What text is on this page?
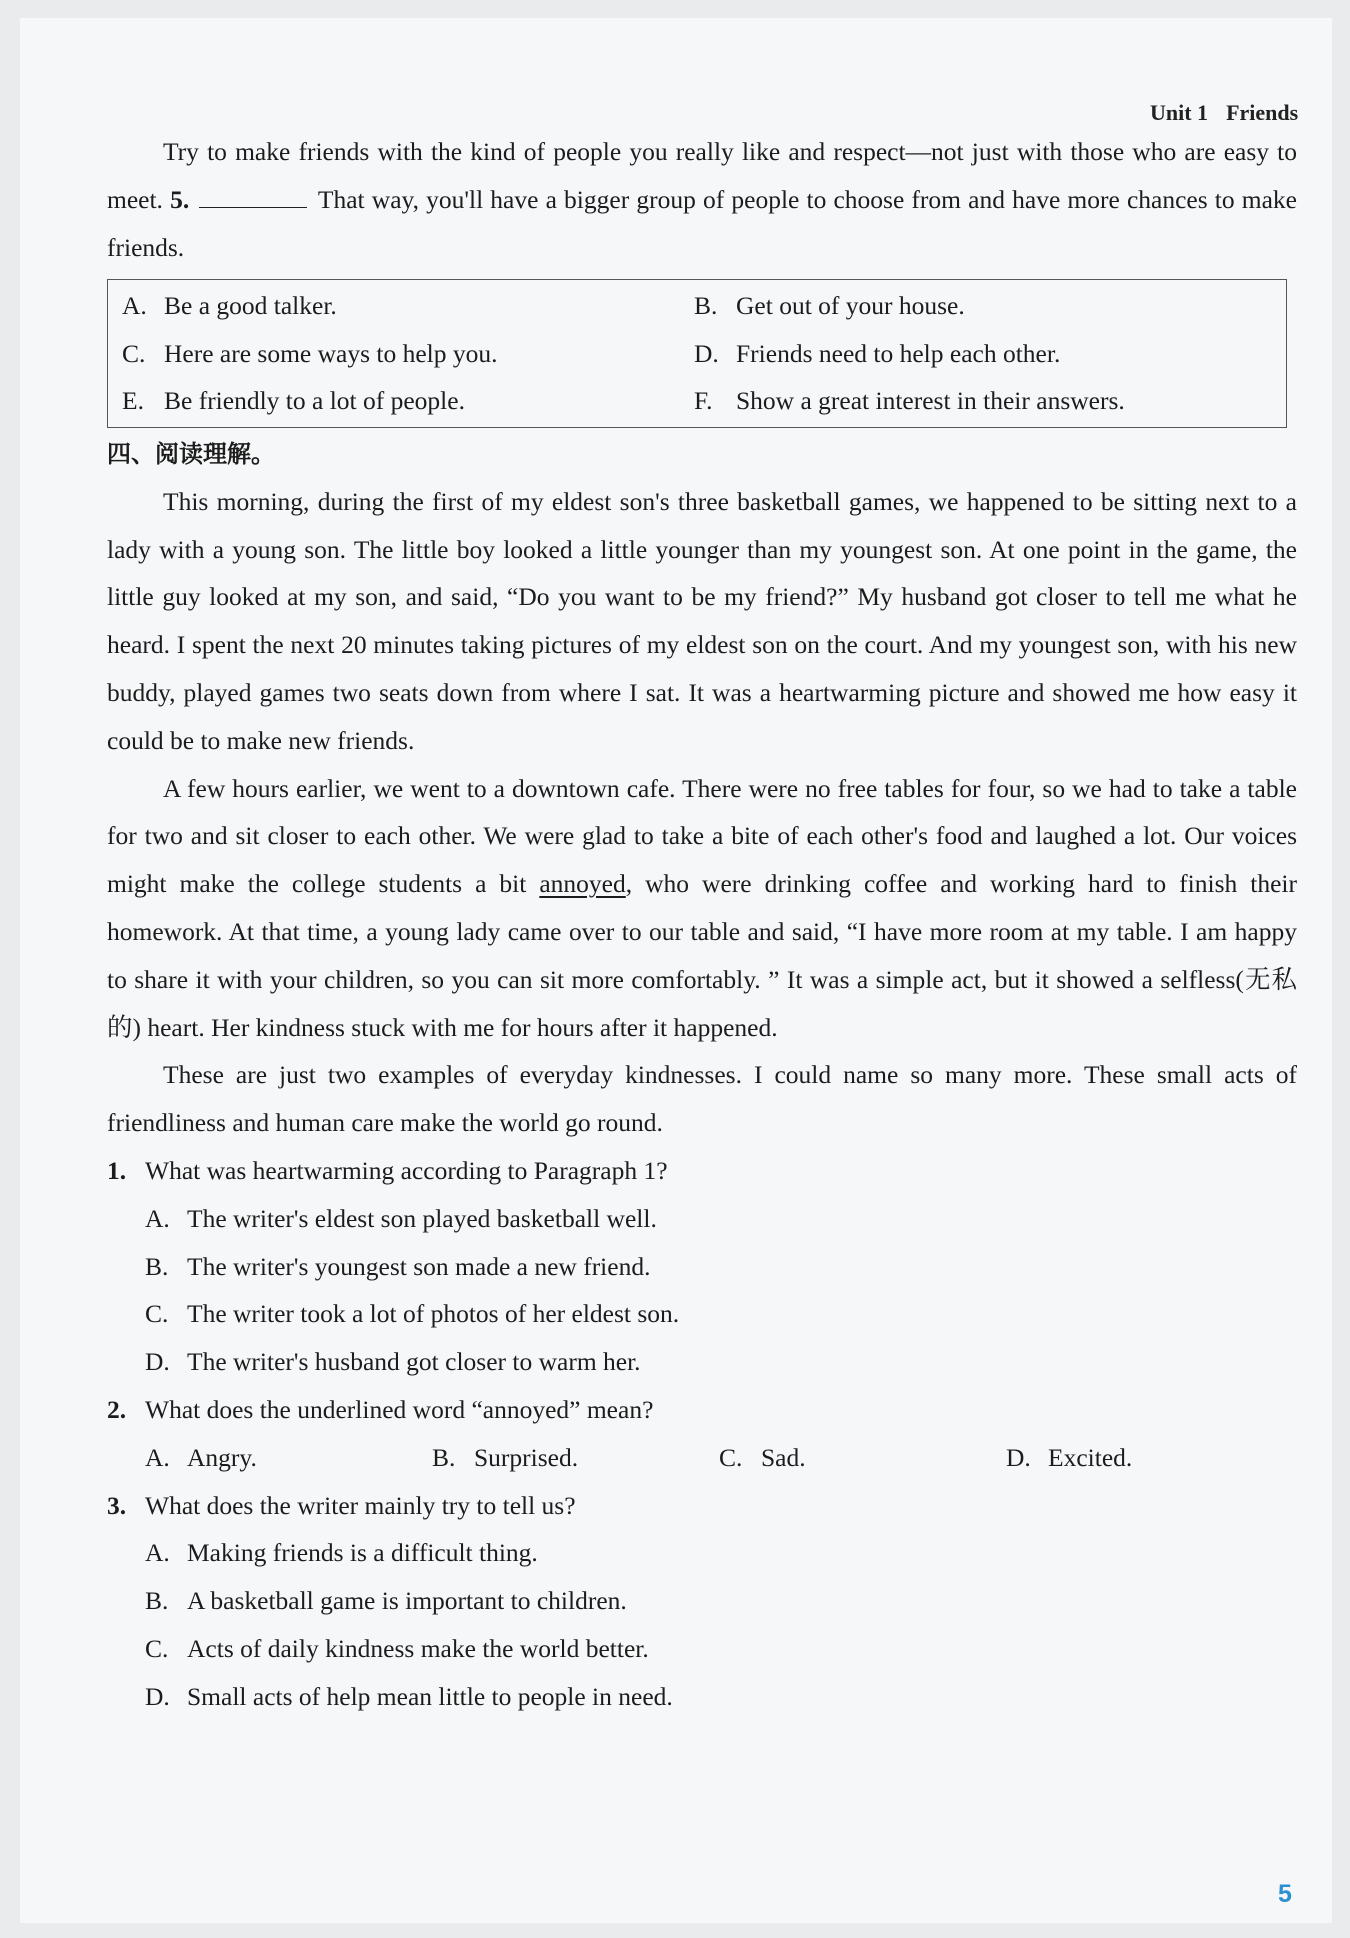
Unit 1 Friends

Try to make friends with the kind of people you really like and respect—not just with those who are easy to meet. 5.	That way, you'll have a bigger group of people to choose from and have more chances to make friends.

A. Be a good talker.	B. Get out of your house.
C. Here are some ways to help you.	D. Friends need to help each other.
E. Be friendly to a lot of people.	F. Show a great interest in their answers.
四、阅读理解。

This morning, during the first of my eldest son's three basketball games, we happened to be sitting next to a lady with a young son. The little boy looked a little younger than my youngest son. At one point in the game, the little guy looked at my son, and said, “Do you want to be my friend?” My husband got closer to tell me what he heard. I spent the next 20 minutes taking pictures of my eldest son on the court. And my youngest son, with his new buddy, played games two seats down from where I sat. It was a heartwarming picture and showed me how easy it could be to make new friends.

A few hours earlier, we went to a downtown cafe. There were no free tables for four, so we had to take a table for two and sit closer to each other. We were glad to take a bite of each other's food and laughed a lot. Our voices might make the college students a bit annoyed, who were drinking coffee and working hard to finish their homework. At that time, a young lady came over to our table and said, “I have more room at my table. I am happy to share it with your children, so you can sit more comfortably. ” It was a simple act, but it showed a selfless(无私的) heart. Her kindness stuck with me for hours after it happened.

These are just two examples of everyday kindnesses. I could name so many more. These small acts of friendliness and human care make the world go round.

1. What was heartwarming according to Paragraph 1?
A. The writer's eldest son played basketball well.
B. The writer's youngest son made a new friend.
C. The writer took a lot of photos of her eldest son.
D. The writer's husband got closer to warm her.
2. What does the underlined word “annoyed” mean?
A. Angry.	B. Surprised.	C. Sad.	D. Excited.
3. What does the writer mainly try to tell us?
A. Making friends is a difficult thing.
B. A basketball game is important to children.
C. Acts of daily kindness make the world better.
D. Small acts of help mean little to people in need.
5
